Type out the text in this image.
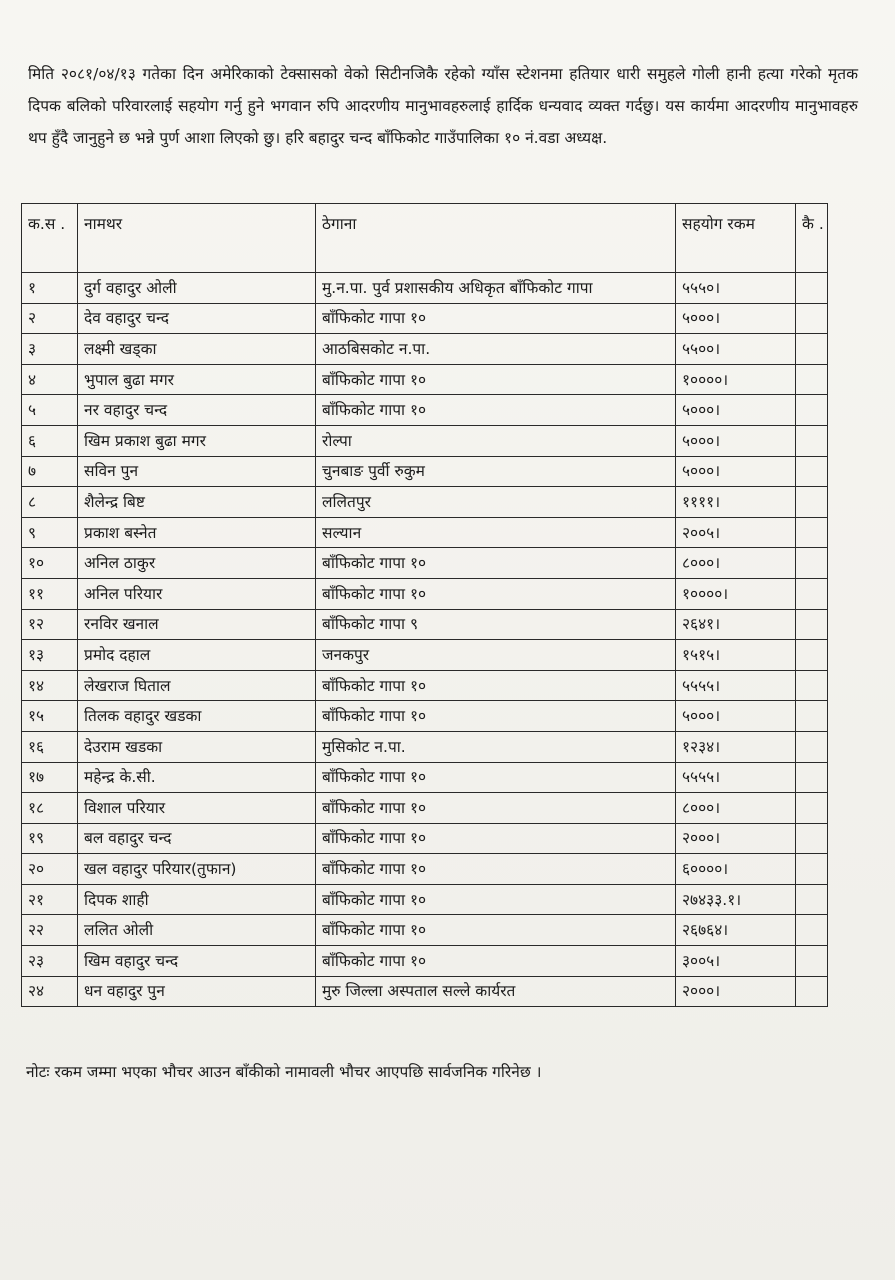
मिति २०८१/०४/१३ गतेका दिन अमेरिकाको टेक्सासको वेको सिटीनजिकै रहेको ग्याँस स्टेशनमा हतियार धारी समुहले गोली हानी हत्या गरेको मृतक दिपक बलिको परिवारलाई सहयोग गर्नु हुने भगवान रुपि आदरणीय मानुभावहरुलाई हार्दिक धन्यवाद व्यक्त गर्दछु। यस कार्यमा आदरणीय मानुभावहरु थप हुँदै जानुहुने छ भन्ने पुर्ण आशा लिएको छु। हरि बहादुर चन्द बाँफिकोट गाउँपालिका १० नं.वडा अध्यक्ष.

क.स .	नामथर	ठेगाना	सहयोग रकम	कै .
१	दुर्ग वहादुर ओली	मु.न.पा. पुर्व प्रशासकीय अधिकृत बाँफिकोट गापा	५५५०।	
२	देव वहादुर चन्द	बाँफिकोट गापा १०	५०००।	
३	लक्ष्मी खड्का	आठबिसकोट न.पा.	५५००।	
४	भुपाल बुढा मगर	बाँफिकोट गापा १०	१००००।	
५	नर वहादुर चन्द	बाँफिकोट गापा १०	५०००।	
६	खिम प्रकाश बुढा मगर	रोल्पा	५०००।	
७	सविन पुन	चुनबाङ पुर्वी रुकुम	५०००।	
८	शैलेन्द्र बिष्ट	ललितपुर	११११।	
९	प्रकाश बस्नेत	सल्यान	२००५।	
१०	अनिल ठाकुर	बाँफिकोट गापा १०	८०००।	
११	अनिल परियार	बाँफिकोट गापा १०	१००००।	
१२	रनविर खनाल	बाँफिकोट गापा ९	२६४१।	
१३	प्रमोद दहाल	जनकपुर	१५१५।	
१४	लेखराज घिताल	बाँफिकोट गापा १०	५५५५।	
१५	तिलक वहादुर खडका	बाँफिकोट गापा १०	५०००।	
१६	देउराम खडका	मुसिकोट न.पा.	१२३४।	
१७	महेन्द्र के.सी.	बाँफिकोट गापा १०	५५५५।	
१८	विशाल परियार	बाँफिकोट गापा १०	८०००।	
१९	बल वहादुर चन्द	बाँफिकोट गापा १०	२०००।	
२०	खल वहादुर परियार(तुफान)	बाँफिकोट गापा १०	६००००।	
२१	दिपक शाही	बाँफिकोट गापा १०	२७४३३.१।	
२२	ललित ओली	बाँफिकोट गापा १०	२६७६४।	
२३	खिम वहादुर चन्द	बाँफिकोट गापा १०	३००५।	
२४	धन वहादुर पुन	मुरु जिल्ला अस्पताल सल्ले कार्यरत	२०००।	

नोटः रकम जम्मा भएका भौचर आउन बाँकीको नामावली भौचर आएपछि सार्वजनिक गरिनेछ ।
